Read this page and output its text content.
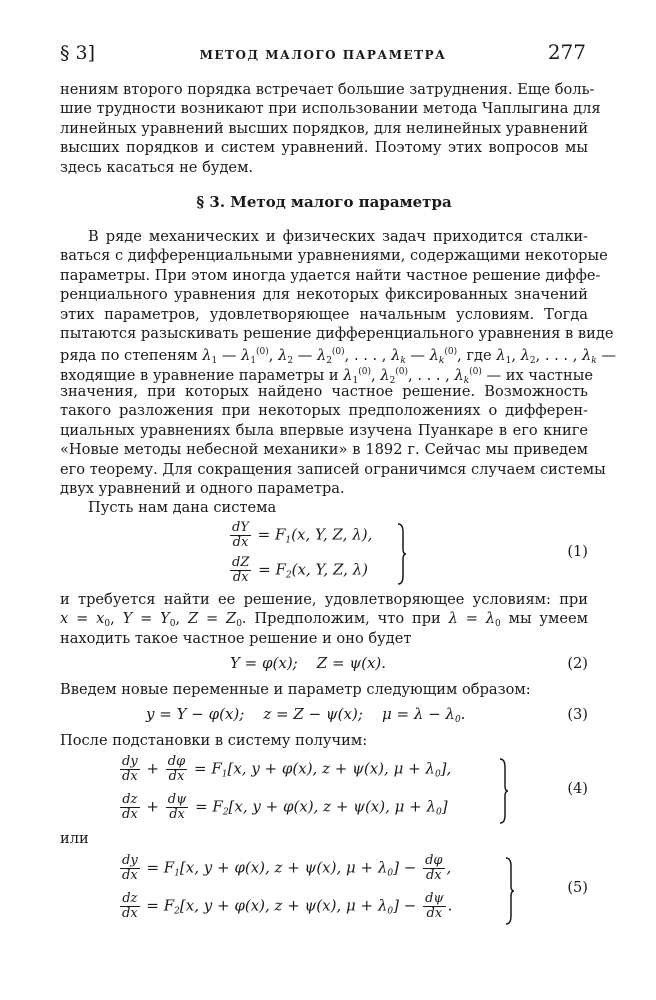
§ 3]	МЕТОД МАЛОГО ПАРАМЕТРА	277
нениям второго порядка встречает большие затруднения. Еще боль-
шие трудности возникают при использовании метода Чаплыгина для
линейных уравнений высших порядков, для нелинейных уравнений
высших порядков и систем уравнений. Поэтому этих вопросов мы
здесь касаться не будем.
§ 3. Метод малого параметра
В ряде механических и физических задач приходится сталки-
ваться с дифференциальными уравнениями, содержащими некоторые
параметры. При этом иногда удается найти частное решение диффе-
ренциального уравнения для некоторых фиксированных значений
этих параметров, удовлетворяющее начальным условиям. Тогда
пытаются разыскивать решение дифференциального уравнения в виде
ряда по степеням $\lambda_1$ — $\lambda_1^{(0)}$, $\lambda_2$ — $\lambda_2^{(0)}$, . . . , $\lambda_k$ — $\lambda_k^{(0)}$, где $\lambda_1$, $\lambda_2$, . . . , $\lambda_k$ —
входящие в уравнение параметры и $\lambda_1^{(0)}$, $\lambda_2^{(0)}$, . . . , $\lambda_k^{(0)}$ — их частные
значения, при которых найдено частное решение. Возможность
такого разложения при некоторых предположениях о дифферен-
циальных уравнениях была впервые изучена Пуанкаре в его книге
«Новые методы небесной механики» в 1892 г. Сейчас мы приведем
его теорему. Для сокращения записей ограничимся случаем системы
двух уравнений и одного параметра.
Пусть нам дана система
$\frac{dY}{dx} = F_1(x$, Y, Z, λ),
$\frac{dZ}{dx} = F_2(x$, Y, Z, λ)
(1)
и требуется найти ее решение, удовлетворяющее условиям: при
$x = x_0$, $Y = Y_0$, $Z = Z_0$. Предположим, что при $\lambda = \lambda_0$ мы умеем
находить такое частное решение и оно будет
Y = φ(x);    Z = ψ(x).	(2)
Введем новые переменные и параметр следующим образом:
y = Y − φ(x);    z = Z − ψ(x);    $\mu = \lambda - \lambda_0$.	(3)
После подстановки в систему получим:
$\frac{dy}{dx} + \frac{d\varphi}{dx} = F_1[x$, y + φ(x), z + ψ(x), $\mu + \lambda_0$],
$\frac{dz}{dx} + \frac{d\psi}{dx} = F_2[x$, y + φ(x), z + ψ(x), $\mu + \lambda_0$]
(4)
или
$\frac{dy}{dx} = F_1[x$, y + φ(x), z + ψ(x), $\mu + \lambda_0] - \frac{d\varphi}{dx}$ ,
$\frac{dz}{dx} = F_2[x$, y + φ(x), z + ψ(x), $\mu + \lambda_0] - \frac{d\psi}{dx}$ .
(5)
